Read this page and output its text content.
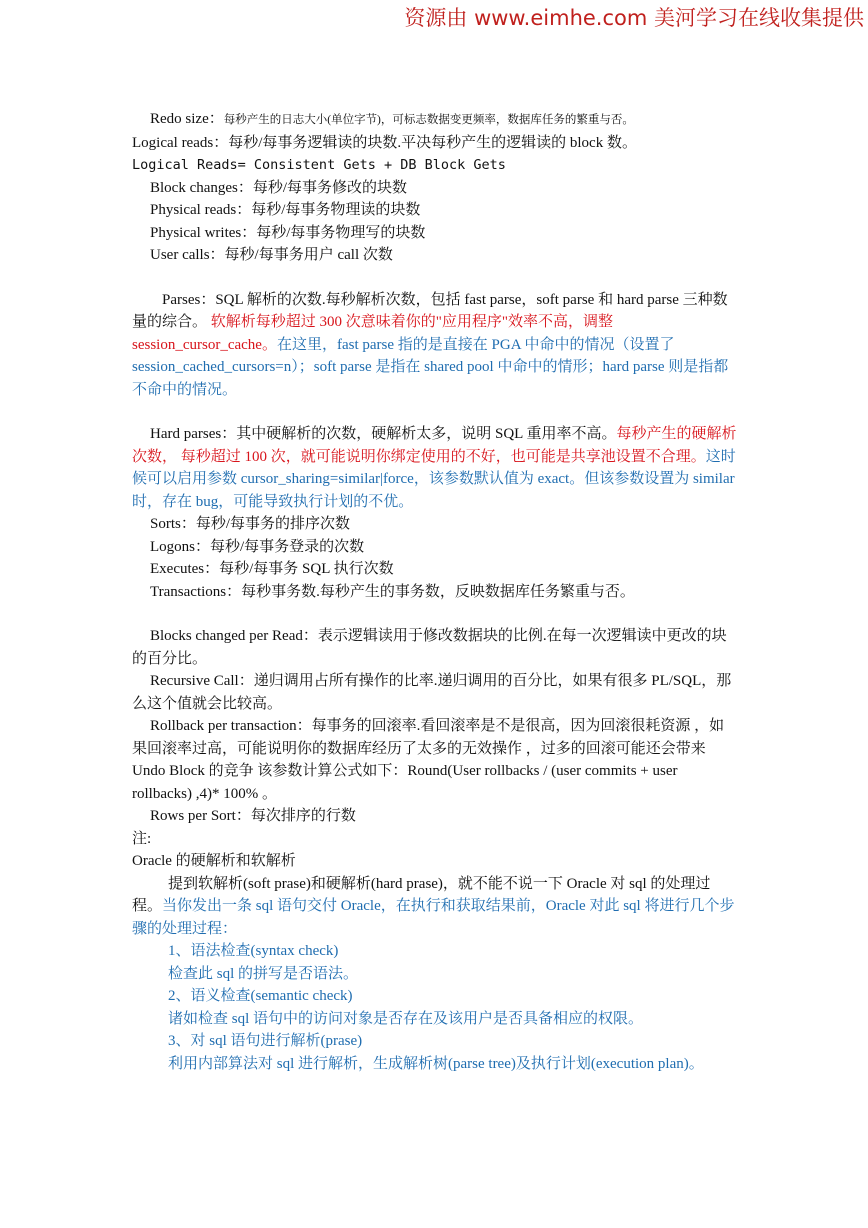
资源由 www.eimhe.com 美河学习在线收集提供

Redo size：每秒产生的日志大小(单位字节)，可标志数据变更频率，数据库任务的繁重与否。

Logical reads：每秒/每事务逻辑读的块数.平决每秒产生的逻辑读的 block 数。

Logical Reads= Consistent Gets + DB Block Gets

Block changes：每秒/每事务修改的块数

Physical reads：每秒/每事务物理读的块数

Physical writes：每秒/每事务物理写的块数

User calls：每秒/每事务用户 call 次数

Parses：SQL 解析的次数.每秒解析次数，包括 fast parse，soft parse 和 hard parse 三种数量的综合。 软解析每秒超过 300 次意味着你的"应用程序"效率不高，调整 session_cursor_cache。在这里，fast parse 指的是直接在 PGA 中命中的情况（设置了 session_cached_cursors=n）；soft parse 是指在 shared pool 中命中的情形；hard parse 则是指都不命中的情况。

Hard parses：其中硬解析的次数，硬解析太多，说明 SQL 重用率不高。每秒产生的硬解析次数， 每秒超过 100 次，就可能说明你绑定使用的不好，也可能是共享池设置不合理。这时候可以启用参数 cursor_sharing=similar|force，该参数默认值为 exact。但该参数设置为 similar 时，存在 bug，可能导致执行计划的不优。

Sorts：每秒/每事务的排序次数

Logons：每秒/每事务登录的次数

Executes：每秒/每事务 SQL 执行次数

Transactions：每秒事务数.每秒产生的事务数，反映数据库任务繁重与否。

Blocks changed per Read：表示逻辑读用于修改数据块的比例.在每一次逻辑读中更改的块的百分比。

Recursive Call：递归调用占所有操作的比率.递归调用的百分比，如果有很多 PL/SQL，那么这个值就会比较高。

Rollback per transaction：每事务的回滚率.看回滚率是不是很高，因为回滚很耗资源 ，如果回滚率过高，可能说明你的数据库经历了太多的无效操作 ，过多的回滚可能还会带来 Undo Block 的竞争 该参数计算公式如下：Round(User rollbacks / (user commits + user rollbacks) ,4)* 100% 。

Rows per Sort：每次排序的行数

注:

Oracle 的硬解析和软解析

提到软解析(soft prase)和硬解析(hard prase)，就不能不说一下 Oracle 对 sql 的处理过程。当你发出一条 sql 语句交付 Oracle，在执行和获取结果前，Oracle 对此 sql 将进行几个步骤的处理过程：

1、语法检查(syntax check)

检查此 sql 的拼写是否语法。

2、语义检查(semantic check)

诸如检查 sql 语句中的访问对象是否存在及该用户是否具备相应的权限。

3、对 sql 语句进行解析(prase)

利用内部算法对 sql 进行解析，生成解析树(parse tree)及执行计划(execution plan)。
